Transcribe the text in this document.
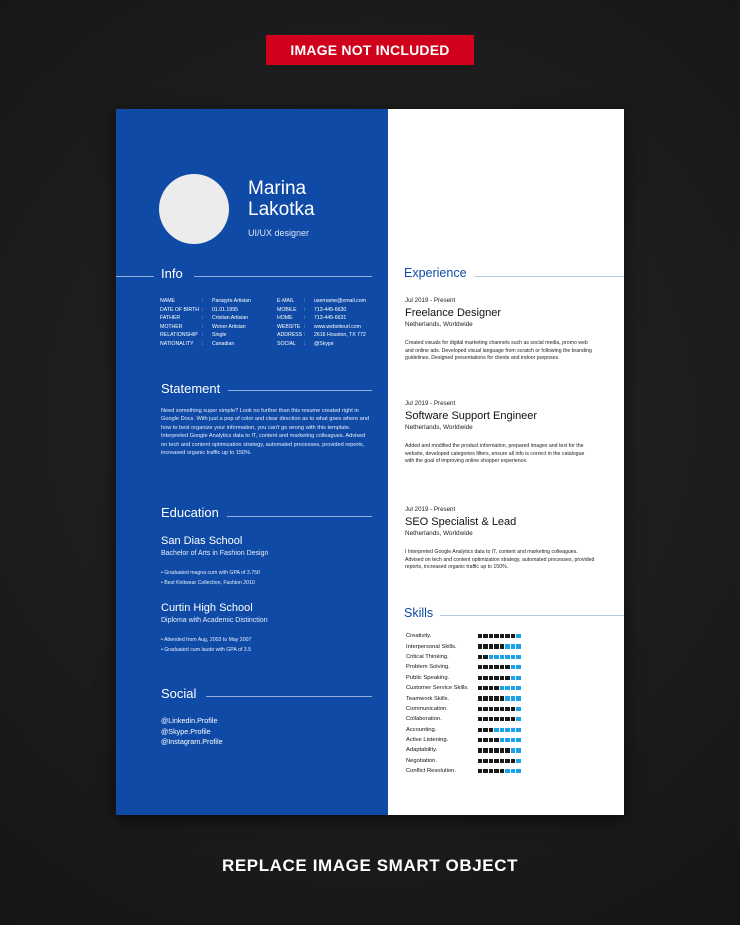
IMAGE NOT INCLUDED
Marina
Lakotka
UI/UX designer
Info
NAME	: Paraşyte Artisian
DATE OF BIRTH : 01.01.1995
FATHER	: Cristian Artisian
MOTHER	: Woner Artisian
RELATIONSHIP : Single
NATIONALITY : Canadian
E-MAIL : username@email.com
MOBILE : 713-445-6630
HOME : 713-445-6631
WEBSITE : www.websiteurl.com
ADDRESS : 2616 Houston, TX 772
SOCIAL : @Skype
Statement
Need something super simple? Look no further than this resume created right in Google Docs. With just a pop of color and clear direction as to what goes where and how to best organize your information, you can't go wrong with this template. Interpreted Google Analytics data to IT, content and marketing colleagues. Advised on tech and content optimization strategy, automated processes, provided reports, increased organic traffic up to 150%.
Education
San Dias School
Bachelor of Arts in Fashion Design
• Graduated magna cum with GPA of 3.750
• Best Knitwear Collection, Fashion 2010
Curtin High School
Diploma with Academic Distinction
• Attended from Aug, 2003 to May 2007
• Graduated cum laude with GPA of 3.5
Social
@Linkedin.Profile
@Skype.Profile
@Instagram.Profile
Experience
Jul 2019 - Present
Freelance Designer
Netherlands, Worldwide
Created visuals for digital marketing channels such as social media, promo web and online ads. Developed visual language from scratch or following the branding guidelines. Designed presentations for clients and indoor purposes.
Jul 2019 - Present
Software Support Engineer
Netherlands, Worldwide
Added and modified the product information, prepared images and text for the website, developed categories filters, ensure all info is correct in the catalogue with the goal of improving online shopper experience.
Jul 2019 - Present
SEO Specialist & Lead
Netherlands, Worldwide
I Interpreted Google Analytics data to IT, content and marketing colleagues. Advised on tech and content optimization strategy, automated processes, provided reports, increased organic traffic up to 150%.
Skills
Creativity.
Interpersonal Skills.
Critical Thinking.
Problem Solving.
Public Speaking.
Customer Service Skills.
Teamwork Skills.
Communication.
Collaboration.
Accounting.
Active Listening.
Adaptability.
Negotiation.
Conflict Resolution.
REPLACE IMAGE SMART OBJECT
